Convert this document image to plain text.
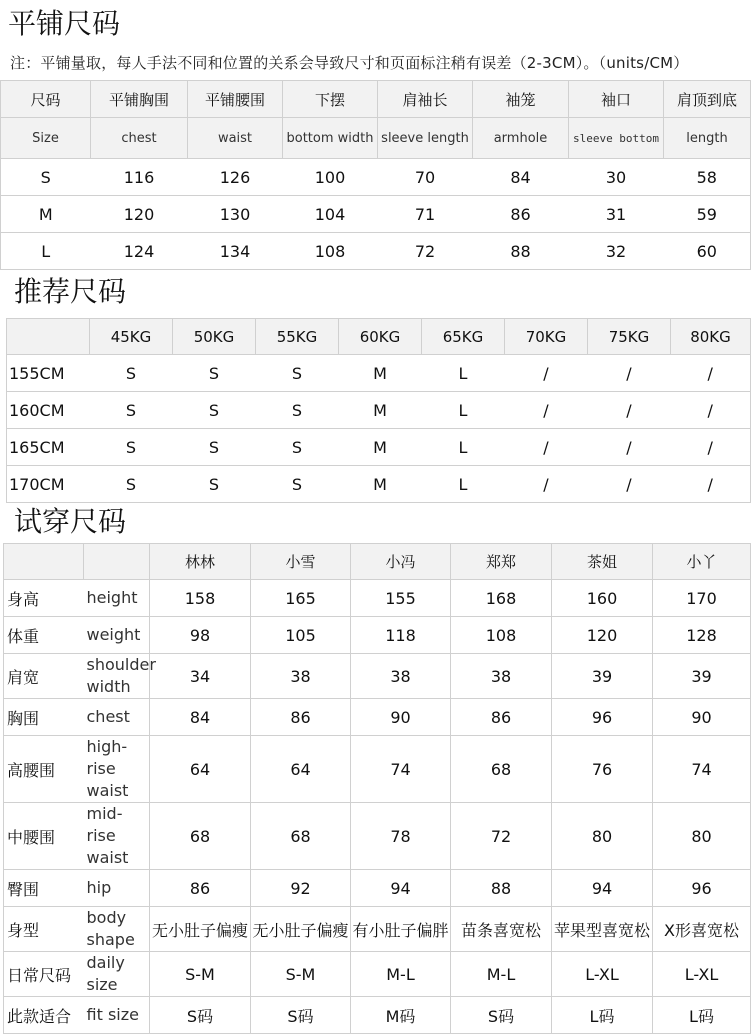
平铺尺码
注：平铺量取，每人手法不同和位置的关系会导致尺寸和页面标注稍有误差（2-3CM）。（units/CM）
尺码	平铺胸围	平铺腰围	下摆	肩袖长	袖笼	袖口	肩顶到底
Size	chest	waist	bottom width	sleeve length	armhole	sleeve bottom	length
S	116	126	100	70	84	30	58
M	120	130	104	71	86	31	59
L	124	134	108	72	88	32	60
推荐尺码
	45KG	50KG	55KG	60KG	65KG	70KG	75KG	80KG
155CM	S	S	S	M	L	/	/	/
160CM	S	S	S	M	L	/	/	/
165CM	S	S	S	M	L	/	/	/
170CM	S	S	S	M	L	/	/	/
试穿尺码
		林林	小雪	小冯	郑郑	茶姐	小丫
身高	height	158	165	155	168	160	170
体重	weight	98	105	118	108	120	128
肩宽	shoulder width	34	38	38	38	39	39
胸围	chest	84	86	90	86	96	90
高腰围	high-rise waist	64	64	74	68	76	74
中腰围	mid-rise waist	68	68	78	72	80	80
臀围	hip	86	92	94	88	94	96
身型	body shape	无小肚子偏瘦	无小肚子偏瘦	有小肚子偏胖	苗条喜宽松	苹果型喜宽松	X形喜宽松
日常尺码	daily size	S-M	S-M	M-L	M-L	L-XL	L-XL
此款适合	fit size	S码	S码	M码	S码	L码	L码
